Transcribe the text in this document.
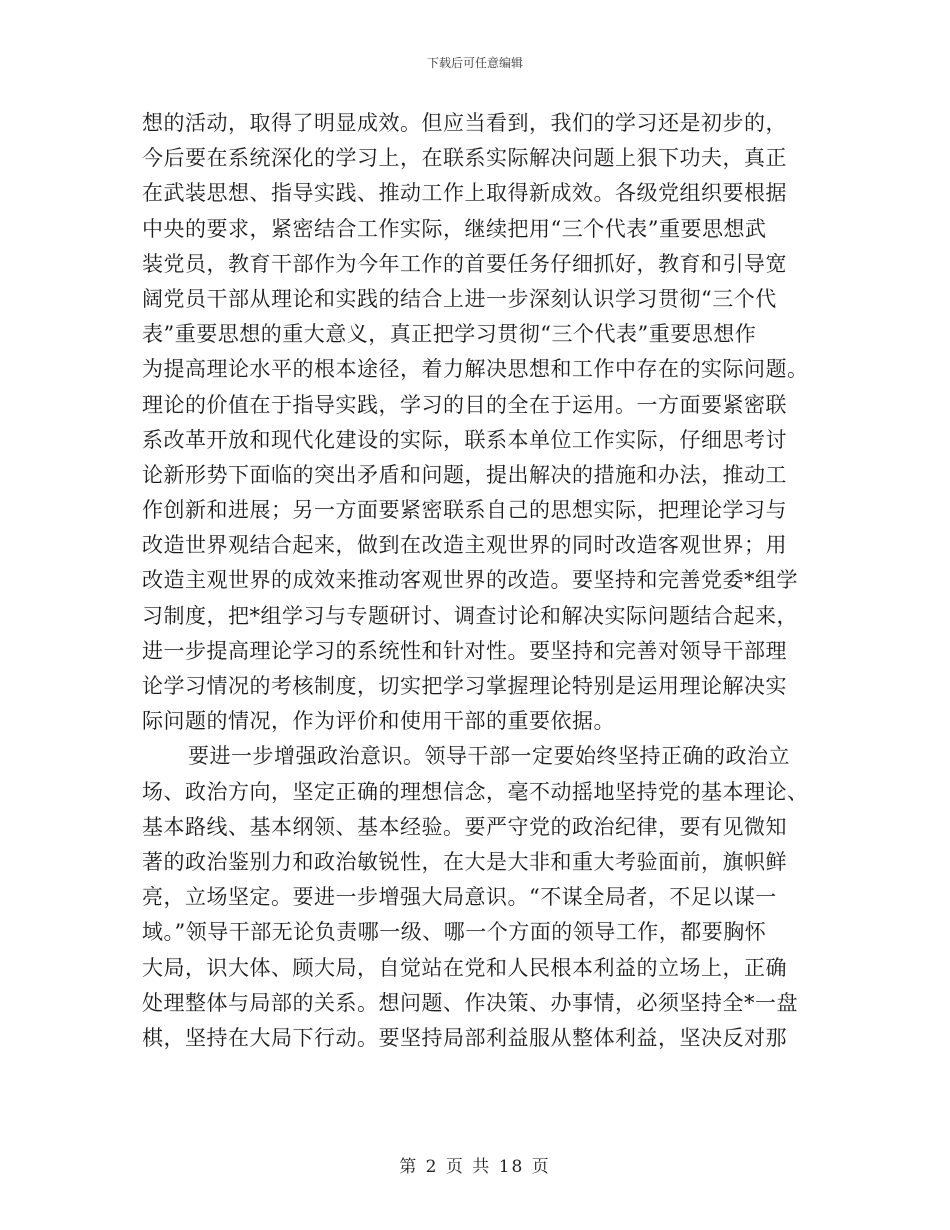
下载后可任意编辑
想的活动，取得了明显成效。但应当看到，我们的学习还是初步的，
今后要在系统深化的学习上，在联系实际解决问题上狠下功夫，真正
在武装思想、指导实践、推动工作上取得新成效。各级党组织要根据
中央的要求，紧密结合工作实际，继续把用“三个代表”重要思想武
装党员，教育干部作为今年工作的首要任务仔细抓好，教育和引导宽
阔党员干部从理论和实践的结合上进一步深刻认识学习贯彻“三个代
表”重要思想的重大意义，真正把学习贯彻“三个代表”重要思想作
为提高理论水平的根本途径，着力解决思想和工作中存在的实际问题。
理论的价值在于指导实践，学习的目的全在于运用。一方面要紧密联
系改革开放和现代化建设的实际，联系本单位工作实际，仔细思考讨
论新形势下面临的突出矛盾和问题，提出解决的措施和办法，推动工
作创新和进展；另一方面要紧密联系自己的思想实际，把理论学习与
改造世界观结合起来，做到在改造主观世界的同时改造客观世界；用
改造主观世界的成效来推动客观世界的改造。要坚持和完善党委*组学
习制度，把*组学习与专题研讨、调查讨论和解决实际问题结合起来，
进一步提高理论学习的系统性和针对性。要坚持和完善对领导干部理
论学习情况的考核制度，切实把学习掌握理论特别是运用理论解决实
际问题的情况，作为评价和使用干部的重要依据。
要进一步增强政治意识。领导干部一定要始终坚持正确的政治立
场、政治方向，坚定正确的理想信念，毫不动摇地坚持党的基本理论、
基本路线、基本纲领、基本经验。要严守党的政治纪律，要有见微知
著的政治鉴别力和政治敏锐性，在大是大非和重大考验面前，旗帜鲜
亮，立场坚定。要进一步增强大局意识。“不谋全局者，不足以谋一
域。”领导干部无论负责哪一级、哪一个方面的领导工作，都要胸怀
大局，识大体、顾大局，自觉站在党和人民根本利益的立场上，正确
处理整体与局部的关系。想问题、作决策、办事情，必须坚持全*一盘
棋，坚持在大局下行动。要坚持局部利益服从整体利益，坚决反对那
第 2 页 共 18 页
